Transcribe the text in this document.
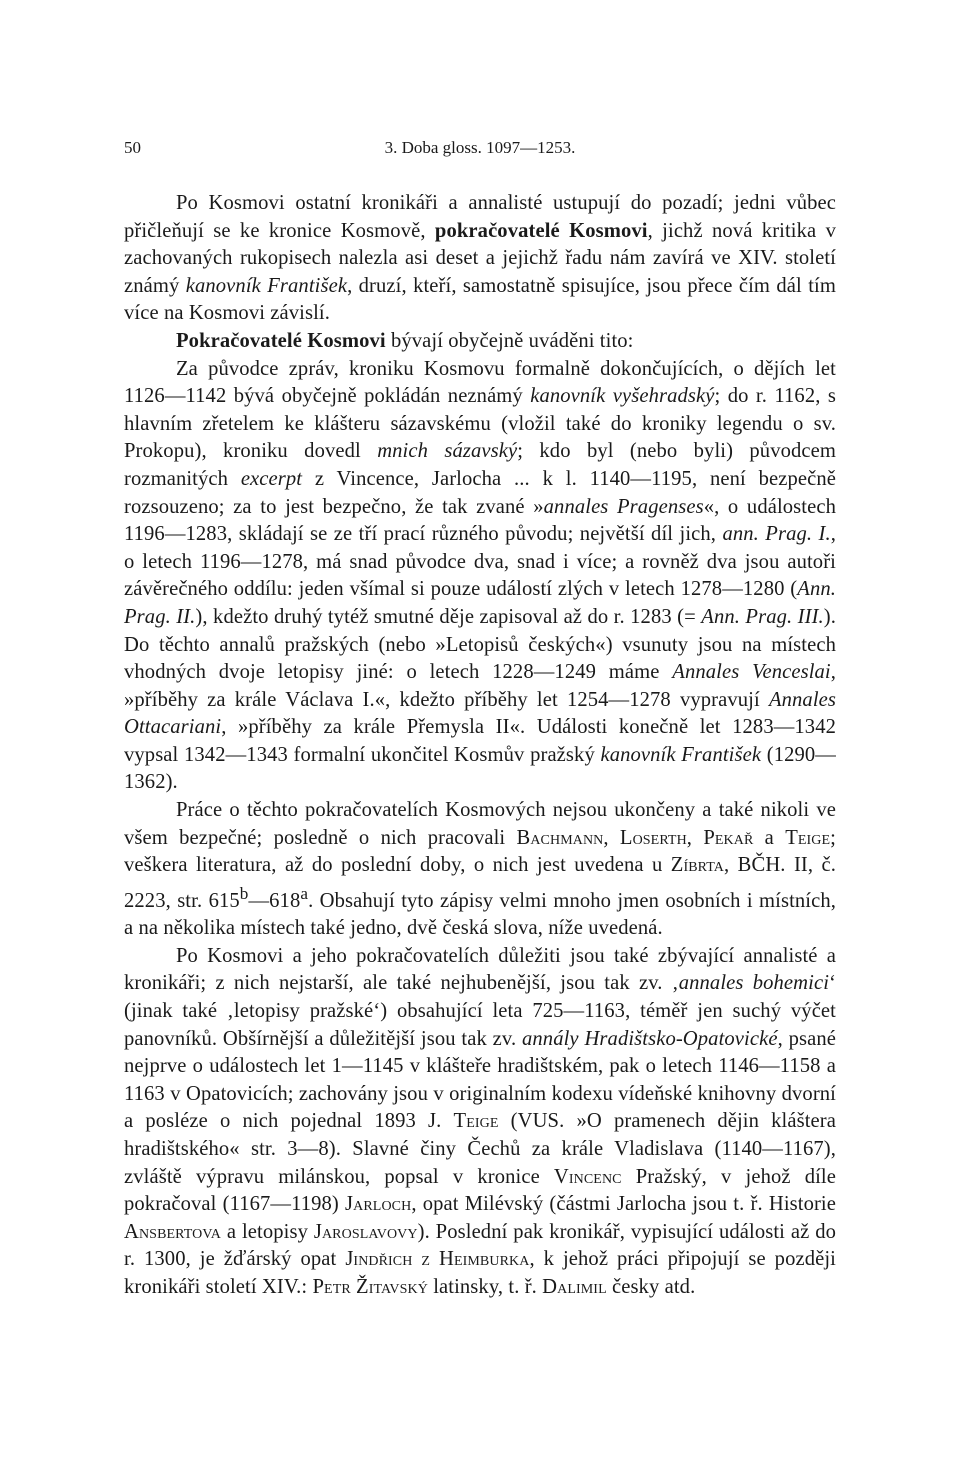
50	3. Doba gloss. 1097—1253.

Po Kosmovi ostatní kronikáři a annalisté ustupují do pozadí; jedni vůbec přičleňují se ke kronice Kosmově, pokračovatelé Kosmovi, jichž nová kritika v zachovaných rukopisech nalezla asi deset a jejichž řadu nám zavírá ve XIV. století známý kanovník František, druzí, kteří, samostatně spisujíce, jsou přece čím dál tím více na Kosmovi závislí.

Pokračovatelé Kosmovi bývají obyčejně uváděni tito:

Za původce zpráv, kroniku Kosmovu formalně dokončujících, o dějích let 1126—1142 bývá obyčejně pokládán neznámý kanovník vyšehradský; do r. 1162, s hlavním zřetelem ke klášteru sázavskému (vložil také do kroniky legendu o sv. Prokopu), kroniku dovedl mnich sázavský; kdo byl (nebo byli) původcem rozmanitých excerpt z Vincence, Jarlocha ... k l. 1140—1195, není bezpečně rozsouzeno; za to jest bezpečno, že tak zvané »annales Pragenses«, o událostech 1196—1283, skládají se ze tří prací různého původu; největší díl jich, ann. Prag. I., o letech 1196—1278, má snad původce dva, snad i více; a rovněž dva jsou autoři závěrečného oddílu: jeden všímal si pouze událostí zlých v letech 1278—1280 (Ann. Prag. II.), kdežto druhý tytéž smutné děje zapisoval až do r. 1283 (= Ann. Prag. III.). Do těchto annalů pražských (nebo »Letopisů českých«) vsunuty jsou na místech vhodných dvoje letopisy jiné: o letech 1228—1249 máme Annales Venceslai, »příběhy za krále Václava I.«, kdežto příběhy let 1254—1278 vypravují Annales Ottacariani, »příběhy za krále Přemysla II«. Události konečně let 1283—1342 vypsal 1342—1343 formalní ukončitel Kosmův pražský kanovník František (1290—1362).

Práce o těchto pokračovatelích Kosmových nejsou ukončeny a také nikoli ve všem bezpečné; posledně o nich pracovali Bachmann, Loserth, Pekař a Teige; veškera literatura, až do poslední doby, o nich jest uvedena u Zíbrta, BČH. II, č. 2223, str. 615$^b$—618$^a$. Obsahují tyto zápisy velmi mnoho jmen osobních i místních, a na několika místech také jedno, dvě česká slova, níže uvedená.

Po Kosmovi a jeho pokračovatelích důležiti jsou také zbývající annalisté a kronikáři; z nich nejstarší, ale také nejhubenější, jsou tak zv. ‚annales bohemici‘ (jinak také ‚letopisy pražské‘) obsahující leta 725—1163, téměř jen suchý výčet panovníků. Obšírnější a důležitější jsou tak zv. annály Hradištsko-Opatovické, psané nejprve o událostech let 1—1145 v klášteře hradištském, pak o letech 1146—1158 a 1163 v Opatovicích; zachovány jsou v originalním kodexu vídeňské knihovny dvorní a posléze o nich pojednal 1893 J. Teige (VUS. »O pramenech dějin kláštera hradištského« str. 3—8). Slavné činy Čechů za krále Vladislava (1140—1167), zvláště výpravu milánskou, popsal v kronice Vincenc Pražský, v jehož díle pokračoval (1167—1198) Jarloch, opat Milévský (částmi Jarlocha jsou t. ř. Historie Ansbertova a letopisy Jaroslavovy). Poslední pak kronikář, vypisující události až do r. 1300, je žďárský opat Jindřich z Heimburka, k jehož práci připojují se později kronikáři století XIV.: Petr Žitavský latinsky, t. ř. Dalimil česky atd.
